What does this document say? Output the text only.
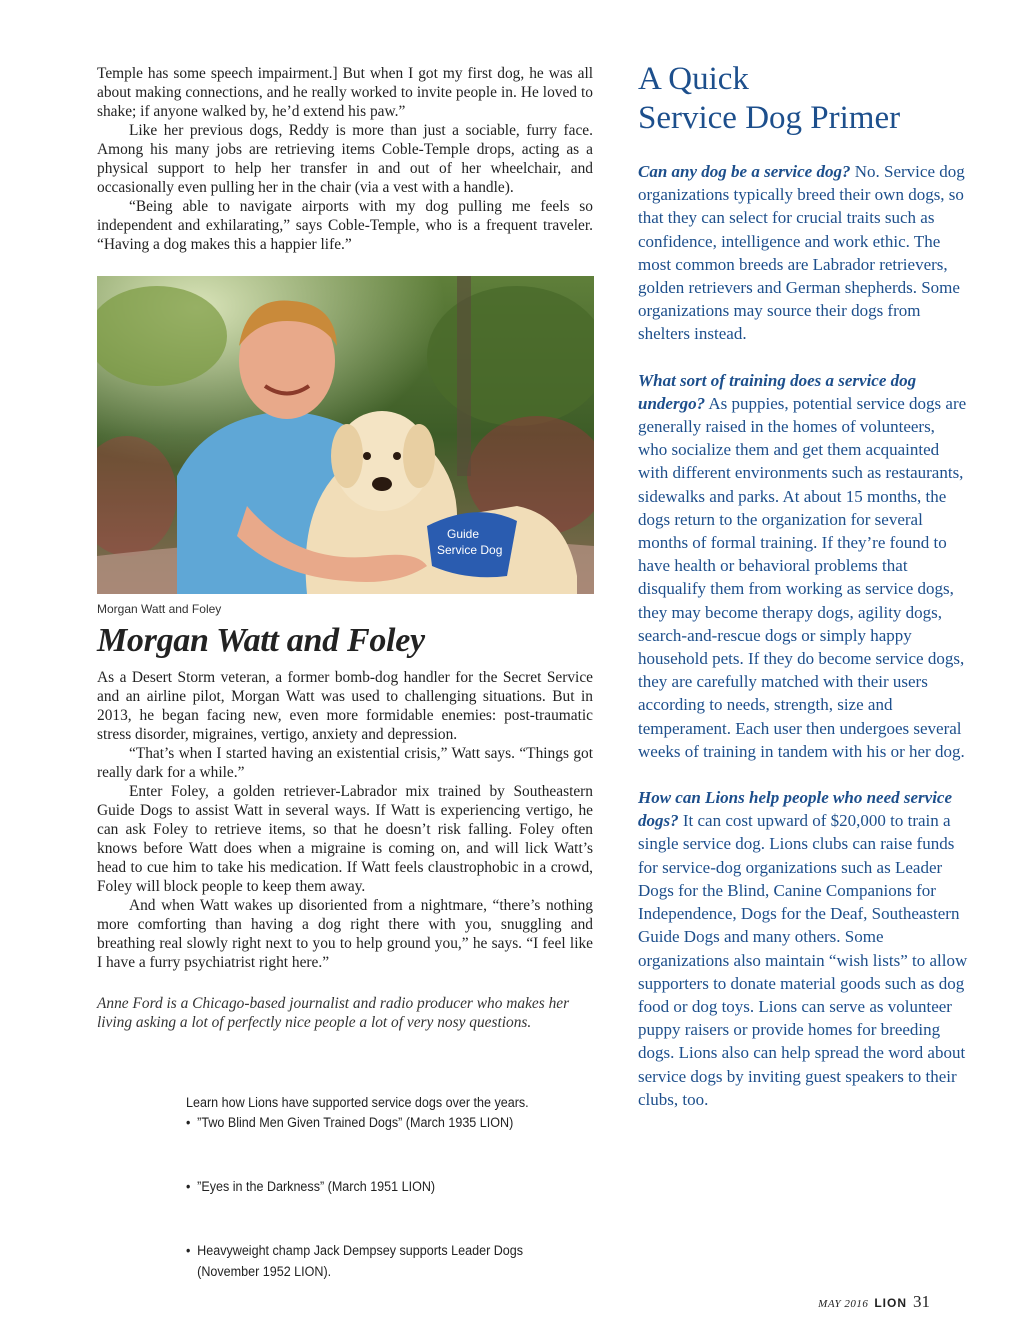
Temple has some speech impairment.] But when I got my first dog, he was all about making connections, and he really worked to invite people in. He loved to shake; if anyone walked by, he’d extend his paw.”

Like her previous dogs, Reddy is more than just a sociable, furry face. Among his many jobs are retrieving items Coble-Temple drops, acting as a physical support to help her transfer in and out of her wheelchair, and occasionally even pulling her in the chair (via a vest with a handle).

“Being able to navigate airports with my dog pulling me feels so independent and exhilarating,” says Coble-Temple, who is a frequent traveler. “Having a dog makes this a happier life.”

Guide
Service Dog
Morgan Watt and Foley
Morgan Watt and Foley

As a Desert Storm veteran, a former bomb-dog handler for the Secret Service and an airline pilot, Morgan Watt was used to challenging situations. But in 2013, he began facing new, even more formidable enemies: post-traumatic stress disorder, migraines, vertigo, anxiety and depression.

“That’s when I started having an existential crisis,” Watt says. “Things got really dark for a while.”

Enter Foley, a golden retriever-Labrador mix trained by Southeastern Guide Dogs to assist Watt in several ways. If Watt is experiencing vertigo, he can ask Foley to retrieve items, so that he doesn’t risk falling. Foley often knows before Watt does when a migraine is coming on, and will lick Watt’s head to cue him to take his medication. If Watt feels claustrophobic in a crowd, Foley will block people to keep them away.

And when Watt wakes up disoriented from a nightmare, “there’s nothing more comforting than having a dog right there with you, snuggling and breathing real slowly right next to you to help ground you,” he says. “I feel like I have a furry psychiatrist right here.”

Anne Ford is a Chicago-based journalist and radio producer who makes her living asking a lot of perfectly nice people a lot of very nosy questions.
Learn how Lions have supported service dogs over the years.
• ”Two Blind Men Given Trained Dogs” (March 1935 LION)
• ”Eyes in the Darkness” (March 1951 LION)
• Heavyweight champ Jack Dempsey supports Leader Dogs (November 1952 LION).
A Quick
Service Dog Primer
Can any dog be a service dog? No. Service dog organizations typically breed their own dogs, so that they can select for crucial traits such as confidence, intelligence and work ethic. The most common breeds are Labrador retrievers, golden retrievers and German shepherds. Some organizations may source their dogs from shelters instead.
What sort of training does a service dog undergo? As puppies, potential service dogs are generally raised in the homes of volunteers, who socialize them and get them acquainted with different environments such as restaurants, sidewalks and parks. At about 15 months, the dogs return to the organization for several months of formal training. If they’re found to have health or behavioral problems that disqualify them from working as service dogs, they may become therapy dogs, agility dogs, search-and-rescue dogs or simply happy household pets. If they do become service dogs, they are carefully matched with their users according to needs, strength, size and temperament. Each user then undergoes several weeks of training in tandem with his or her dog.
How can Lions help people who need service dogs? It can cost upward of $20,000 to train a single service dog. Lions clubs can raise funds for service-dog organizations such as Leader Dogs for the Blind, Canine Companions for Independence, Dogs for the Deaf, Southeastern Guide Dogs and many others. Some organizations also maintain “wish lists” to allow supporters to donate material goods such as dog food or dog toys. Lions can serve as volunteer puppy raisers or provide homes for breeding dogs. Lions also can help spread the word about service dogs by inviting guest speakers to their clubs, too.
MAY 2016 LION 31
